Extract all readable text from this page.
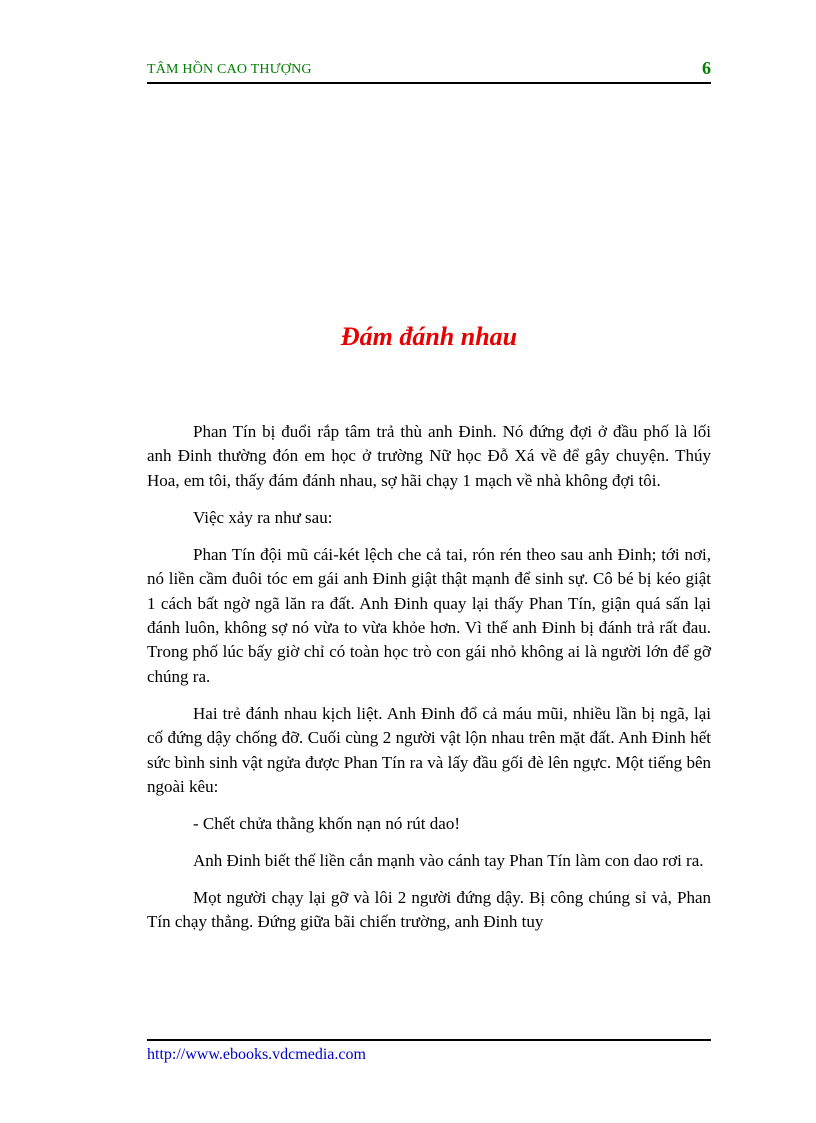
TÂM HỒN CAO THƯỢNG	6
Đám đánh nhau

Phan Tín bị đuổi rắp tâm trả thù anh Đinh. Nó đứng đợi ở đầu phố là lối anh Đinh thường đón em học ở trường Nữ học Đỗ Xá về để gây chuyện. Thúy Hoa, em tôi, thấy đám đánh nhau, sợ hãi chạy 1 mạch về nhà không đợi tôi.

Việc xảy ra như sau:

Phan Tín đội mũ cái-két lệch che cả tai, rón rén theo sau anh Đinh; tới nơi, nó liền cầm đuôi tóc em gái anh Đinh giật thật mạnh để sinh sự. Cô bé bị kéo giật 1 cách bất ngờ ngã lăn ra đất. Anh Đinh quay lại thấy Phan Tín, giận quá sấn lại đánh luôn, không sợ nó vừa to vừa khỏe hơn. Vì thế anh Đinh bị đánh trả rất đau. Trong phố lúc bấy giờ chỉ có toàn học trò con gái nhỏ không ai là người lớn để gỡ chúng ra.

Hai trẻ đánh nhau kịch liệt. Anh Đinh đổ cả máu mũi, nhiều lần bị ngã, lại cố đứng dậy chống đỡ. Cuối cùng 2 người vật lộn nhau trên mặt đất. Anh Đinh hết sức bình sinh vật ngửa được Phan Tín ra và lấy đầu gối đè lên ngực. Một tiếng bên ngoài kêu:

- Chết chửa thằng khốn nạn nó rút dao!

Anh Đinh biết thế liền cắn mạnh vào cánh tay Phan Tín làm con dao rơi ra.

Mọt người chạy lại gỡ và lôi 2 người đứng dậy. Bị công chúng sỉ vả, Phan Tín chạy thẳng. Đứng giữa bãi chiến trường, anh Đinh tuy

http://www.ebooks.vdcmedia.com
